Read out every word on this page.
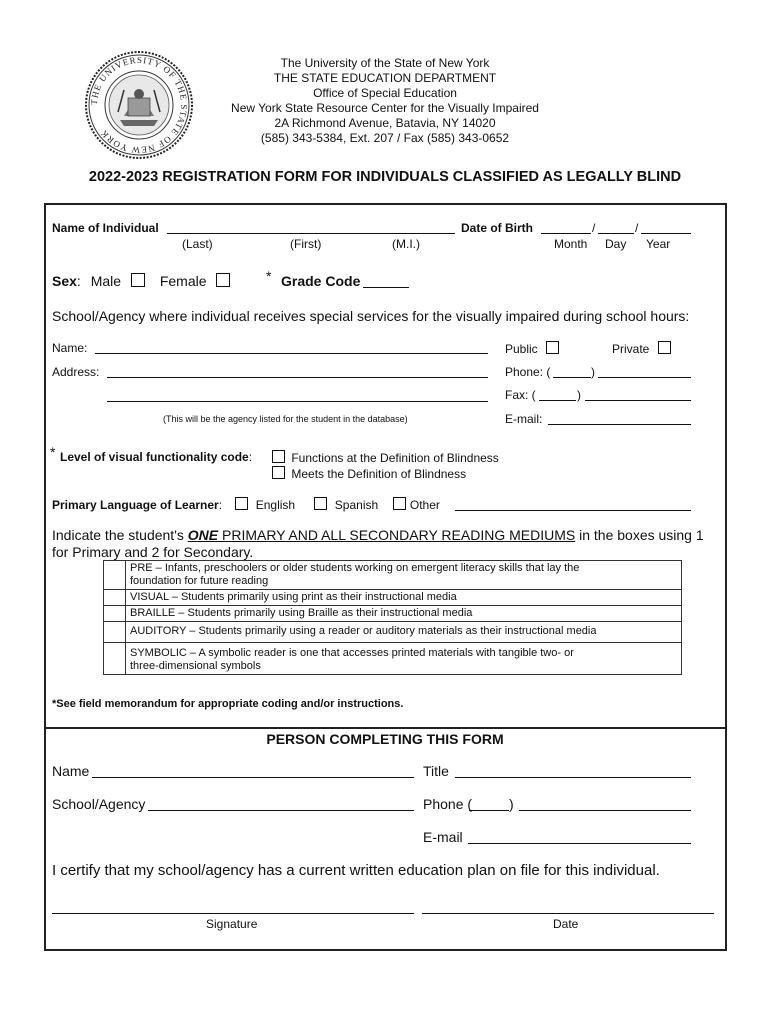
THE UNIVERSITY OF THE STATE OF NEW YORK
The University of the State of New York
THE STATE EDUCATION DEPARTMENT
Office of Special Education
New York State Resource Center for the Visually Impaired
2A Richmond Avenue, Batavia, NY 14020
(585) 343-5384, Ext. 207 / Fax (585) 343-0652
2022-2023 REGISTRATION FORM FOR INDIVIDUALS CLASSIFIED AS LEGALLY BLIND
Name of Individual
(Last)	(First)	(M.I.)
Date of Birth	/	/
Month Day Year
Sex: Male	Female	* Grade Code
School/Agency where individual receives special services for the visually impaired during school hours:
Name:
Address:
(This will be the agency listed for the student in the database)
Public	Private
Phone: (	)
Fax: (	)
E-mail:
* Level of visual functionality code:	Functions at the Definition of Blindness
Meets the Definition of Blindness
Primary Language of Learner:	English	Spanish	Other
Indicate the student's ONE PRIMARY AND ALL SECONDARY READING MEDIUMS in the boxes using 1
for Primary and 2 for Secondary.

	PRE – Infants, preschoolers or older students working on emergent literacy skills that lay the
foundation for future reading

	VISUAL – Students primarily using print as their instructional media

	BRAILLE – Students primarily using Braille as their instructional media

	AUDITORY – Students primarily using a reader or auditory materials as their instructional media

	SYMBOLIC – A symbolic reader is one that accesses printed materials with tangible two- or
three-dimensional symbols
*See field memorandum for appropriate coding and/or instructions.
PERSON COMPLETING THIS FORM
Name	Title
School/Agency	Phone (	)
E-mail
I certify that my school/agency has a current written education plan on file for this individual.
Signature	Date
